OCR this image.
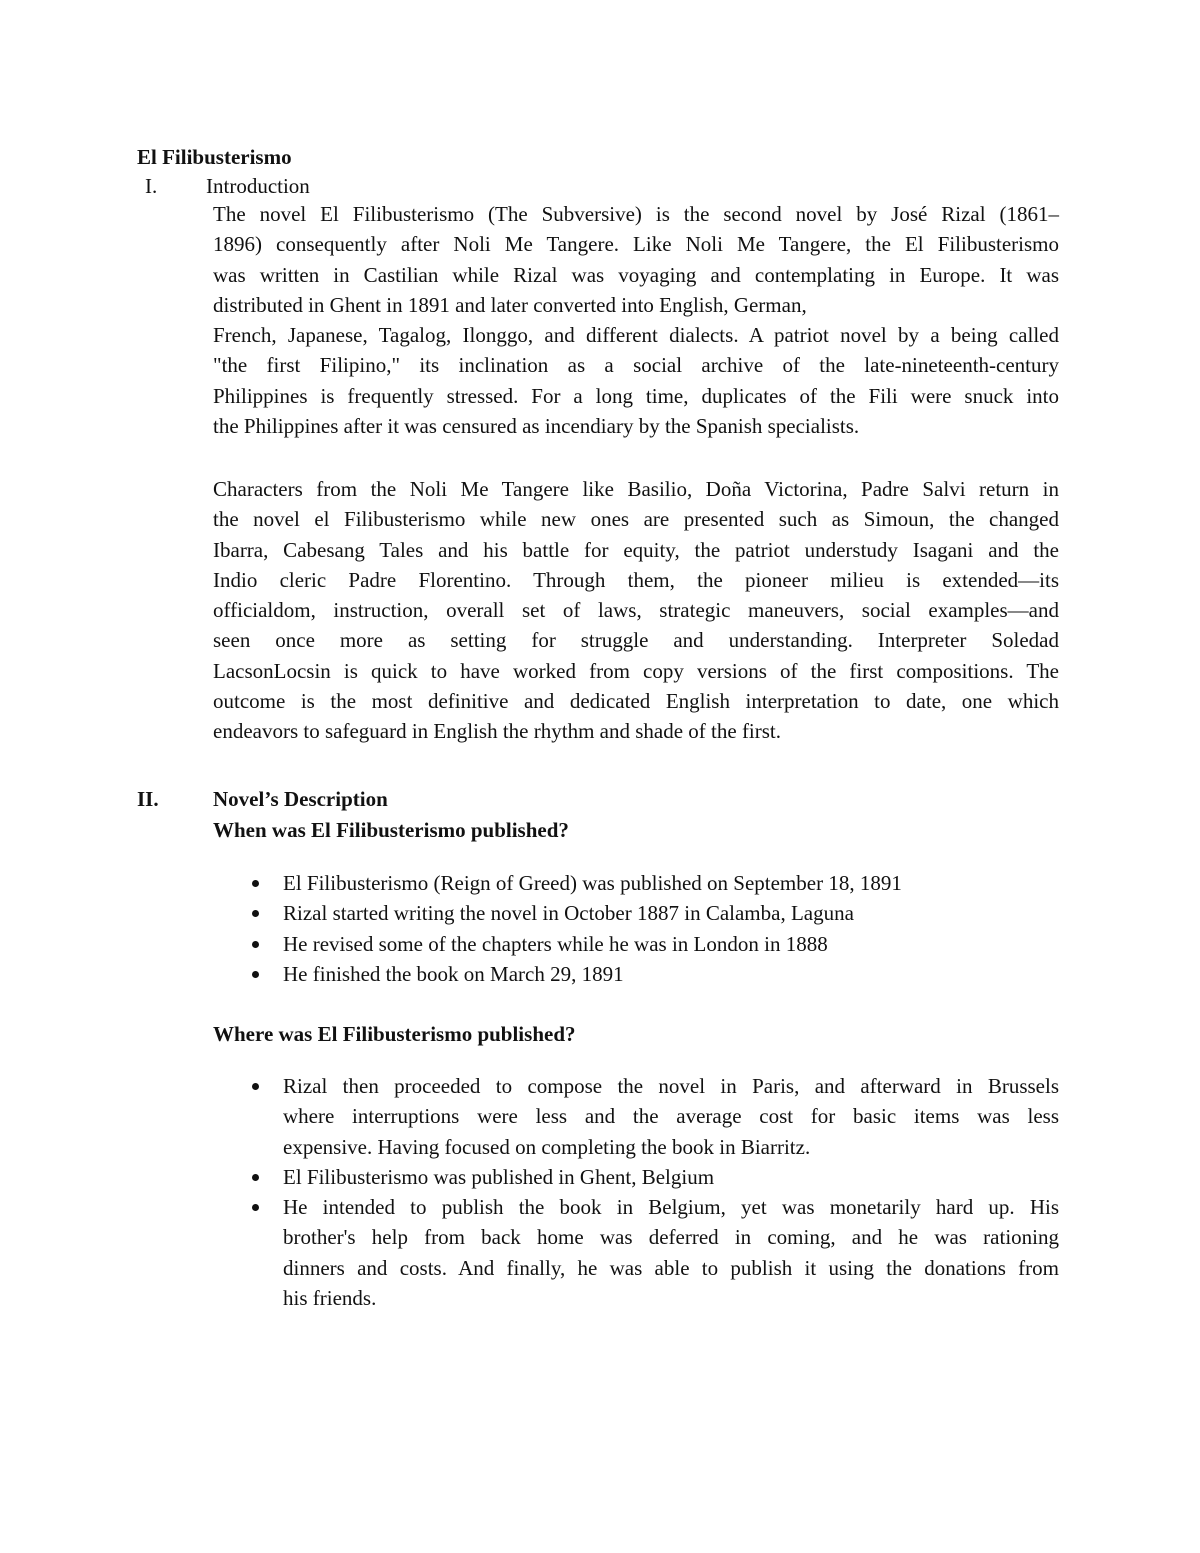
El Filibusterismo
I.	Introduction
The novel El Filibusterismo (The Subversive) is the second novel by José Rizal (1861–
1896) consequently after Noli Me Tangere. Like Noli Me Tangere, the El Filibusterismo
was written in Castilian while Rizal was voyaging and contemplating in Europe. It was
distributed in Ghent in 1891 and later converted into English, German,
French, Japanese, Tagalog, Ilonggo, and different dialects. A patriot novel by a being called
"the first Filipino," its inclination as a social archive of the late-nineteenth-century
Philippines is frequently stressed. For a long time, duplicates of the Fili were snuck into
the Philippines after it was censured as incendiary by the Spanish specialists.
Characters from the Noli Me Tangere like Basilio, Doña Victorina, Padre Salvi return in
the novel el Filibusterismo while new ones are presented such as Simoun, the changed
Ibarra, Cabesang Tales and his battle for equity, the patriot understudy Isagani and the
Indio cleric Padre Florentino. Through them, the pioneer milieu is extended—its
officialdom, instruction, overall set of laws, strategic maneuvers, social examples—and
seen once more as setting for struggle and understanding. Interpreter Soledad
LacsonLocsin is quick to have worked from copy versions of the first compositions. The
outcome is the most definitive and dedicated English interpretation to date, one which
endeavors to safeguard in English the rhythm and shade of the first.
II.	Novel’s Description
When was El Filibusterismo published?
El Filibusterismo (Reign of Greed) was published on September 18, 1891
Rizal started writing the novel in October 1887 in Calamba, Laguna
He revised some of the chapters while he was in London in 1888
He finished the book on March 29, 1891
Where was El Filibusterismo published?
Rizal then proceeded to compose the novel in Paris, and afterward in Brussels
where interruptions were less and the average cost for basic items was less
expensive. Having focused on completing the book in Biarritz.
El Filibusterismo was published in Ghent, Belgium
He intended to publish the book in Belgium, yet was monetarily hard up. His
brother's help from back home was deferred in coming, and he was rationing
dinners and costs. And finally, he was able to publish it using the donations from
his friends.
